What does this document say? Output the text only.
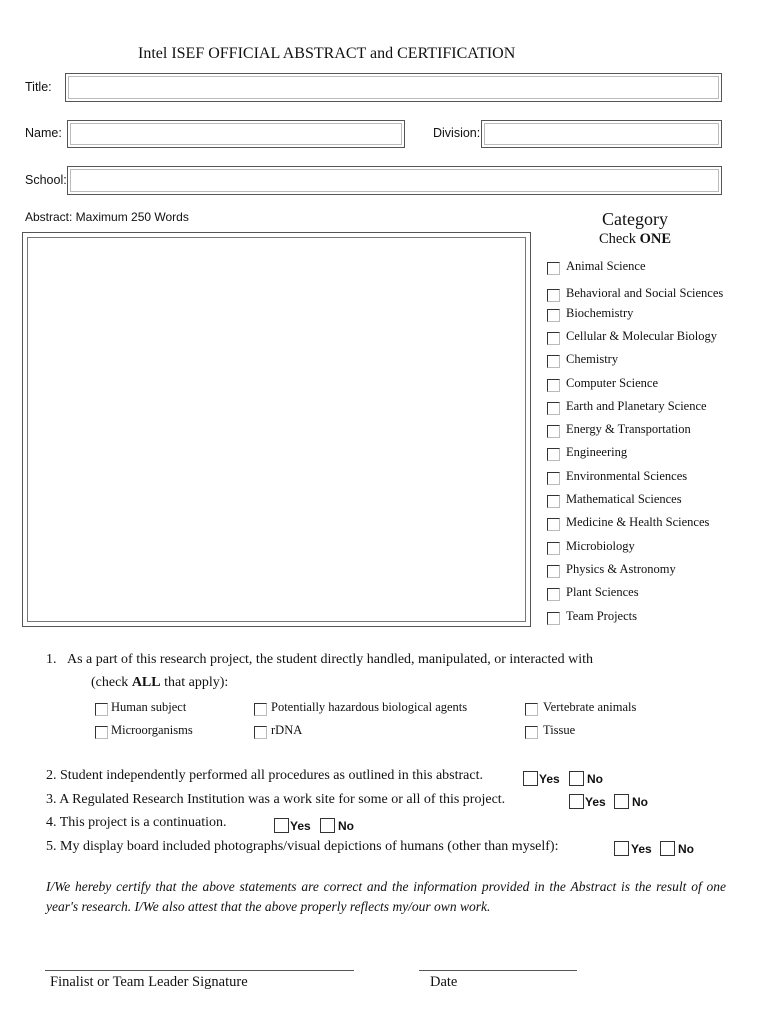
Intel ISEF OFFICIAL ABSTRACT and CERTIFICATION
Title:
Name:	Division:
School:
Abstract: Maximum 250 Words	Category
Check ONE
Animal Science
Behavioral and Social Sciences
Biochemistry
Cellular & Molecular Biology
Chemistry
Computer Science
Earth and Planetary Science
Energy & Transportation
Engineering
Environmental Sciences
Mathematical Sciences
Medicine & Health Sciences
Microbiology
Physics & Astronomy
Plant Sciences
Team Projects
1. As a part of this research project, the student directly handled, manipulated, or interacted with
(check ALL that apply):
Human subject	Potentially hazardous biological agents	Vertebrate animals
Microorganisms	rDNA	Tissue
2. Student independently performed all procedures as outlined in this abstract.	Yes No
3. A Regulated Research Institution was a work site for some or all of this project.	Yes No
4. This project is a continuation.	Yes No
5. My display board included photographs/visual depictions of humans (other than myself):	Yes No
I/We hereby certify that the above statements are correct and the information provided in the Abstract is the result of one year's research. I/We also attest that the above properly reflects my/our own work.
Finalist or Team Leader Signature	Date
